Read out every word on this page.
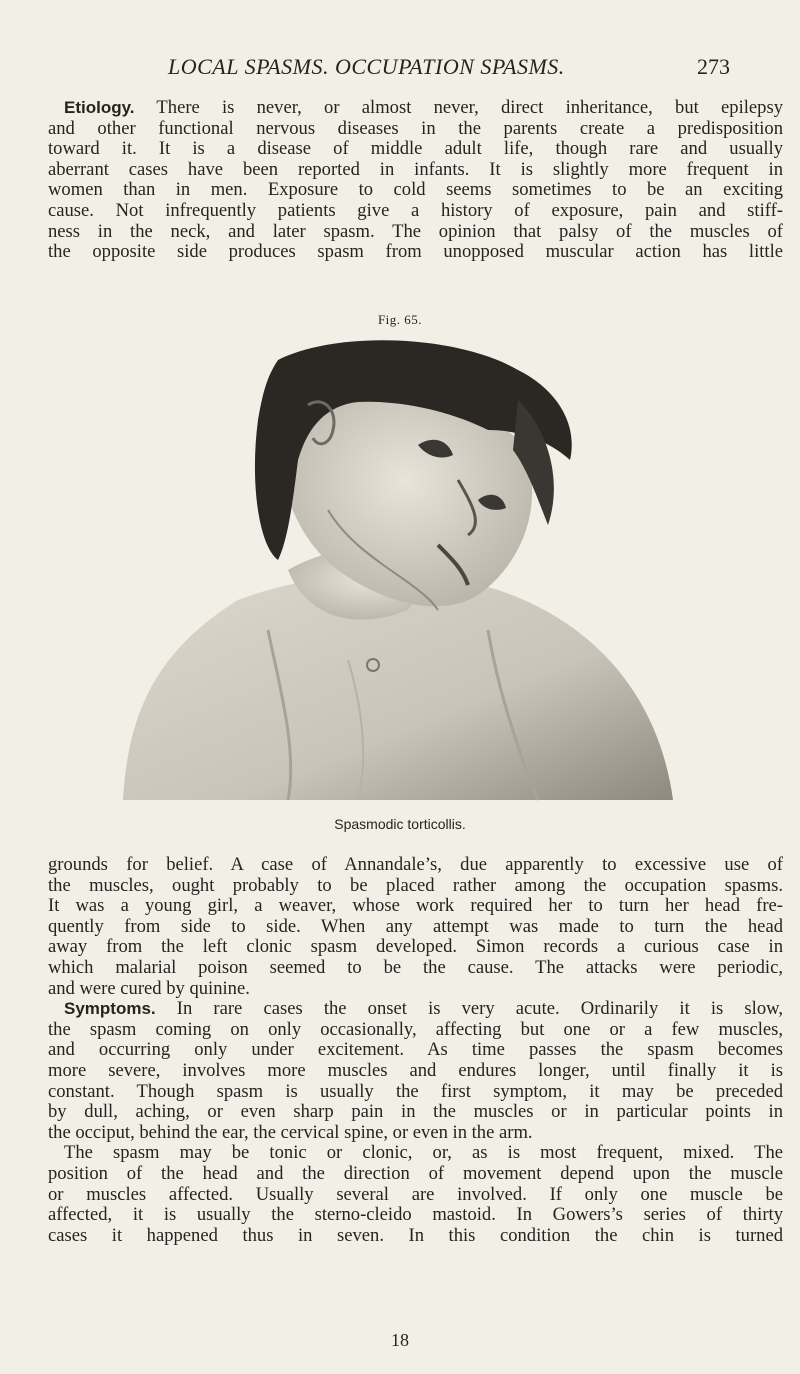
LOCAL SPASMS. OCCUPATION SPASMS.	273
Etiology. There is never, or almost never, direct inheritance, but epilepsy
and other functional nervous diseases in the parents create a predisposition
toward it. It is a disease of middle adult life, though rare and usually
aberrant cases have been reported in infants. It is slightly more frequent in
women than in men. Exposure to cold seems sometimes to be an exciting
cause. Not infrequently patients give a history of exposure, pain and stiff-
ness in the neck, and later spasm. The opinion that palsy of the muscles of
the opposite side produces spasm from unopposed muscular action has little
Fig. 65.
Spasmodic torticollis.
grounds for belief. A case of Annandale’s, due apparently to excessive use of
the muscles, ought probably to be placed rather among the occupation spasms.
It was a young girl, a weaver, whose work required her to turn her head fre-
quently from side to side. When any attempt was made to turn the head
away from the left clonic spasm developed. Simon records a curious case in
which malarial poison seemed to be the cause. The attacks were periodic,
and were cured by quinine.
Symptoms. In rare cases the onset is very acute. Ordinarily it is slow,
the spasm coming on only occasionally, affecting but one or a few muscles,
and occurring only under excitement. As time passes the spasm becomes
more severe, involves more muscles and endures longer, until finally it is
constant. Though spasm is usually the first symptom, it may be preceded
by dull, aching, or even sharp pain in the muscles or in particular points in
the occiput, behind the ear, the cervical spine, or even in the arm.
The spasm may be tonic or clonic, or, as is most frequent, mixed. The
position of the head and the direction of movement depend upon the muscle
or muscles affected. Usually several are involved. If only one muscle be
affected, it is usually the sterno-cleido mastoid. In Gowers’s series of thirty
cases it happened thus in seven. In this condition the chin is turned
18
